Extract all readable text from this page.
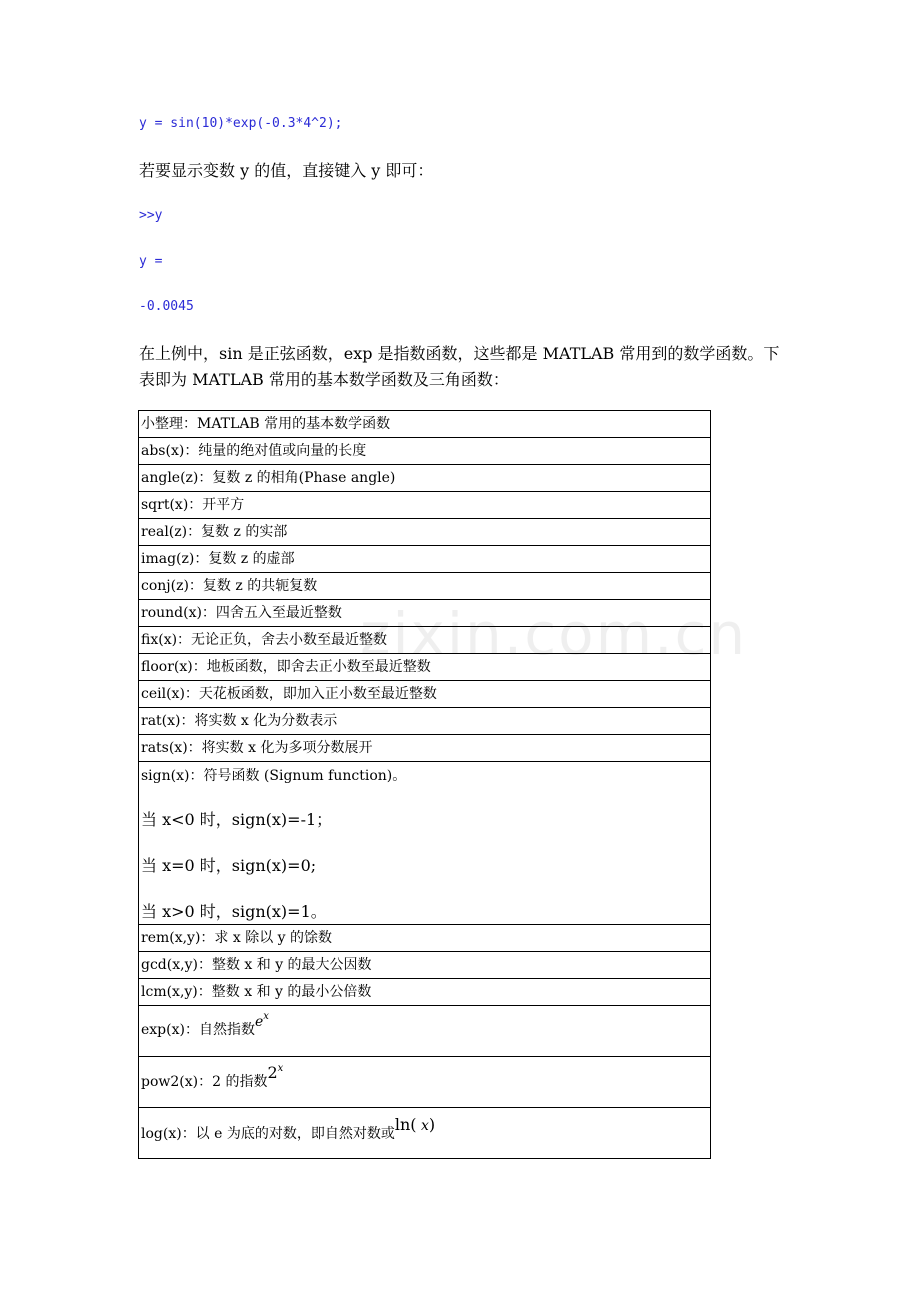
y = sin(10)*exp(-0.3*4^2);
若要显示变数 y 的值，直接键入 y 即可：
>>y
y =
-0.0045
在上例中，sin 是正弦函数，exp 是指数函数，这些都是 MATLAB 常用到的数学函数。下表即为 MATLAB 常用的基本数学函数及三角函数：
zixin.com.cn
小整理：MATLAB 常用的基本数学函数
abs(x)：纯量的绝对值或向量的长度
angle(z)：复数 z 的相角(Phase angle)
sqrt(x)：开平方
real(z)：复数 z 的实部
imag(z)：复数 z 的虚部
conj(z)：复数 z 的共轭复数
round(x)：四舍五入至最近整数
fix(x)：无论正负，舍去小数至最近整数
floor(x)：地板函数，即舍去正小数至最近整数
ceil(x)：天花板函数，即加入正小数至最近整数
rat(x)：将实数 x 化为分数表示
rats(x)：将实数 x 化为多项分数展开

sign(x)：符号函数 (Signum function)。
当 x<0 时，sign(x)=-1；
当 x=0 时，sign(x)=0;
当 x>0 时，sign(x)=1。

rem(x,y)：求 x 除以 y 的馀数
gcd(x,y)：整数 x 和 y 的最大公因数
lcm(x,y)：整数 x 和 y 的最小公倍数
exp(x)：自然指数$e^x$
pow2(x)：2 的指数2$^x$
log(x)：以 e 为底的对数，即自然对数或ln( x)
